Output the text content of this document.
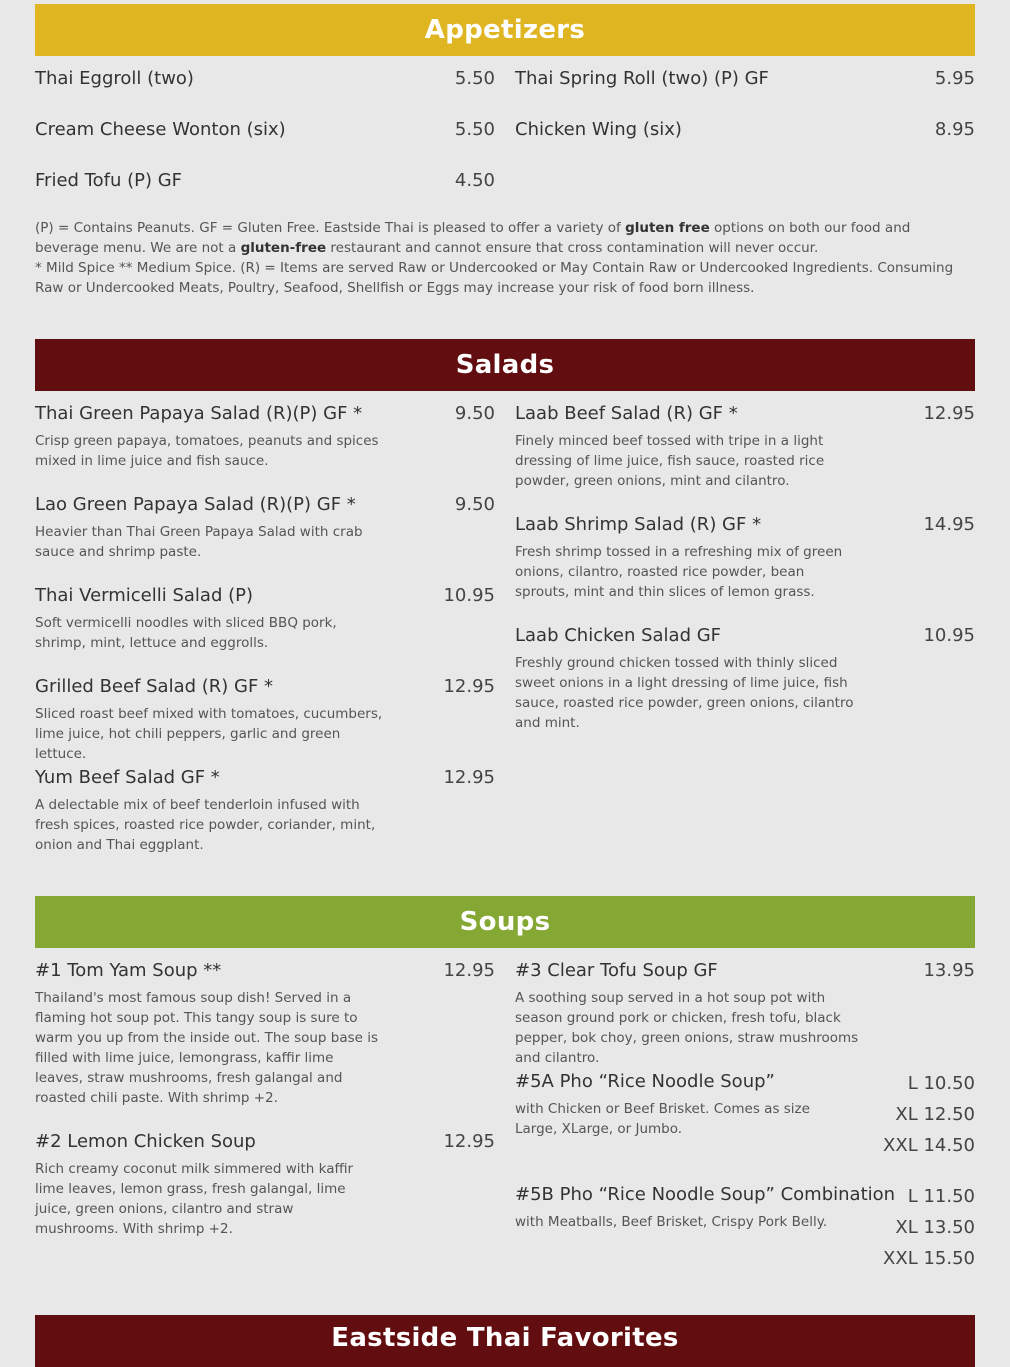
Appetizers
Thai Eggroll (two)	5.50 Thai Spring Roll (two) (P) GF	5.95
Cream Cheese Wonton (six)	5.50 Chicken Wing (six)	8.95
Fried Tofu (P) GF	4.50
(P) = Contains Peanuts. GF = Gluten Free. Eastside Thai is pleased to offer a variety of gluten free options on both our food and beverage menu. We are not a gluten-free restaurant and cannot ensure that cross contamination will never occur.
* Mild Spice ** Medium Spice. (R) = Items are served Raw or Undercooked or May Contain Raw or Undercooked Ingredients. Consuming Raw or Undercooked Meats, Poultry, Seafood, Shellfish or Eggs may increase your risk of food born illness.
Salads
Thai Green Papaya Salad (R)(P) GF *	9.50
Crisp green papaya, tomatoes, peanuts and spices mixed in lime juice and fish sauce.
Lao Green Papaya Salad (R)(P) GF *	9.50
Heavier than Thai Green Papaya Salad with crab sauce and shrimp paste.
Thai Vermicelli Salad (P)	10.95
Soft vermicelli noodles with sliced BBQ pork, shrimp, mint, lettuce and eggrolls.
Grilled Beef Salad (R) GF *	12.95
Sliced roast beef mixed with tomatoes, cucumbers, lime juice, hot chili peppers, garlic and green lettuce.
Yum Beef Salad GF *	12.95
A delectable mix of beef tenderloin infused with fresh spices, roasted rice powder, coriander, mint, onion and Thai eggplant.
Laab Beef Salad (R) GF *	12.95
Finely minced beef tossed with tripe in a light dressing of lime juice, fish sauce, roasted rice powder, green onions, mint and cilantro.
Laab Shrimp Salad (R) GF *	14.95
Fresh shrimp tossed in a refreshing mix of green onions, cilantro, roasted rice powder, bean sprouts, mint and thin slices of lemon grass.
Laab Chicken Salad GF	10.95
Freshly ground chicken tossed with thinly sliced sweet onions in a light dressing of lime juice, fish sauce, roasted rice powder, green onions, cilantro and mint.
Soups
#1 Tom Yam Soup **	12.95
Thailand's most famous soup dish! Served in a flaming hot soup pot. This tangy soup is sure to warm you up from the inside out. The soup base is filled with lime juice, lemongrass, kaffir lime leaves, straw mushrooms, fresh galangal and roasted chili paste. With shrimp +2.
#2 Lemon Chicken Soup	12.95
Rich creamy coconut milk simmered with kaffir lime leaves, lemon grass, fresh galangal, lime juice, green onions, cilantro and straw mushrooms. With shrimp +2.
#3 Clear Tofu Soup GF	13.95
A soothing soup served in a hot soup pot with season ground pork or chicken, fresh tofu, black pepper, bok choy, green onions, straw mushrooms and cilantro.
#5A Pho “Rice Noodle Soup”
with Chicken or Beef Brisket. Comes as size Large, XLarge, or Jumbo.
L 10.50
XL 12.50
XXL 14.50
#5B Pho “Rice Noodle Soup” Combination
with Meatballs, Beef Brisket, Crispy Pork Belly.
L 11.50
XL 13.50
XXL 15.50
Eastside Thai Favorites
